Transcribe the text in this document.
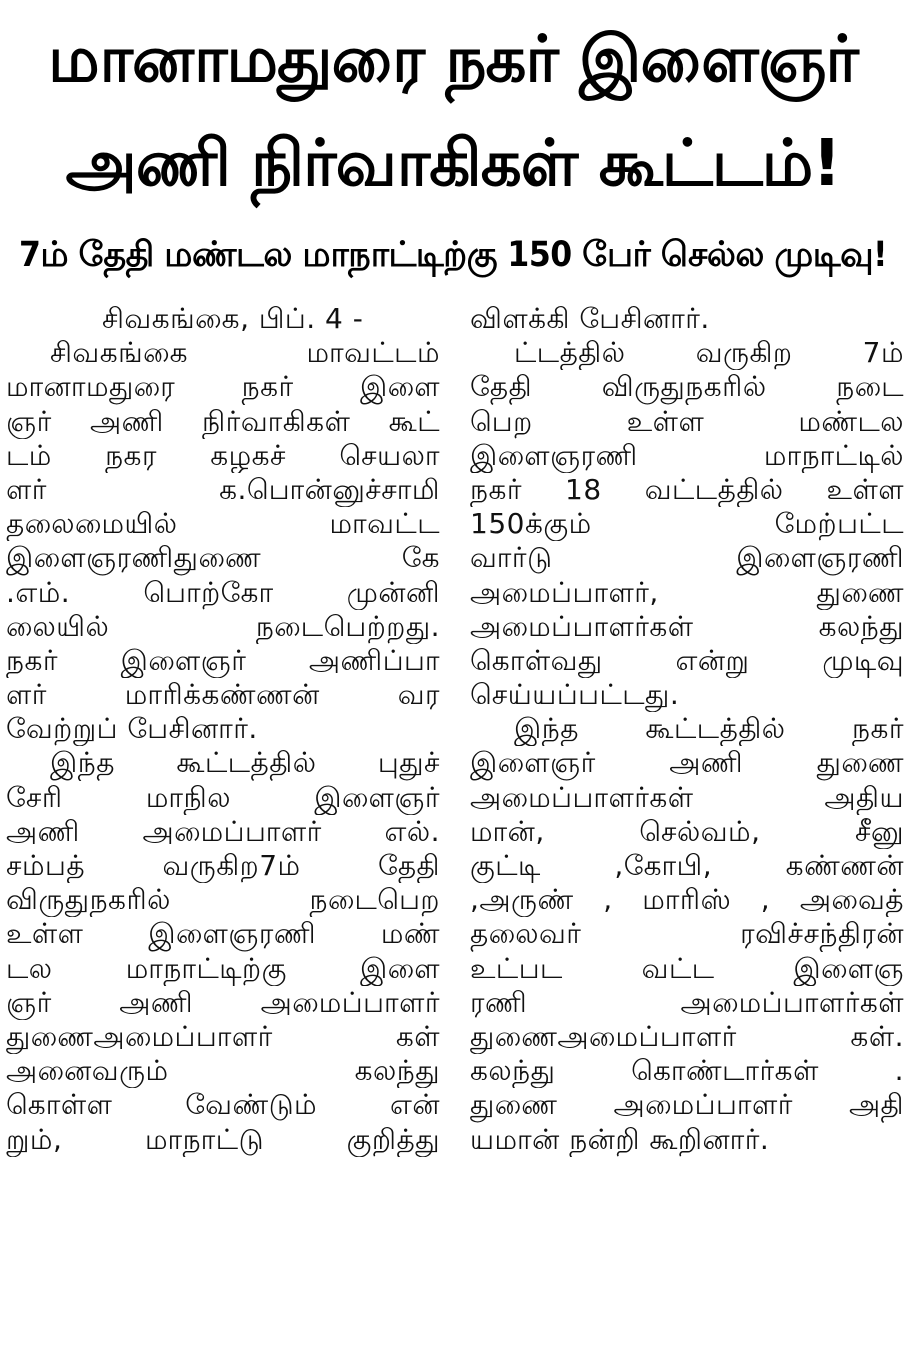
மானாமதுரை நகர் இளைஞர்
அணி நிர்வாகிகள் கூட்டம்!
7ம் தேதி மண்டல மாநாட்டிற்கு 150 பேர் செல்ல முடிவு!
சிவகங்கை, பிப். 4 -
சிவகங்கை மாவட்டம்
மானாமதுரை நகர் இளை
ஞர் அணி நிர்வாகிகள் கூட்
டம் நகர கழகச் செயலா
ளர் க.பொன்னுச்சாமி
தலைமையில் மாவட்ட
இளைஞரணிதுணை கே
.எம். பொற்கோ முன்னி
லையில் நடைபெற்றது.
நகர் இளைஞர் அணிப்பா
ளர் மாரிக்கண்ணன் வர
வேற்றுப் பேசினார்.
இந்த கூட்டத்தில் புதுச்
சேரி மாநில இளைஞர்
அணி அமைப்பாளர் எல்.
சம்பத் வருகிற7ம் தேதி
விருதுநகரில் நடைபெற
உள்ள இளைஞரணி மண்
டல மாநாட்டிற்கு இளை
ஞர் அணி அமைப்பாளர்
துணைஅமைப்பாளர் கள்
அனைவரும் கலந்து
கொள்ள வேண்டும் என்
றும், மாநாட்டு குறித்து
விளக்கி பேசினார்.
ட்டத்தில் வருகிற 7ம்
தேதி விருதுநகரில் நடை
பெற உள்ள மண்டல
இளைஞரணி மாநாட்டில்
நகர் 18 வட்டத்தில் உள்ள
150க்கும் மேற்பட்ட
வார்டு இளைஞரணி
அமைப்பாளர், துணை
அமைப்பாளர்கள் கலந்து
கொள்வது என்று முடிவு
செய்யப்பட்டது.
இந்த கூட்டத்தில் நகர்
இளைஞர் அணி துணை
அமைப்பாளர்கள் அதிய
மான், செல்வம், சீனு
குட்டி ,கோபி, கண்ணன்
,அருண் , மாரிஸ் , அவைத்
தலைவர் ரவிச்சந்திரன்
உட்பட வட்ட இளைஞ
ரணி அமைப்பாளர்கள்
துணைஅமைப்பாளர் கள்.
கலந்து கொண்டார்கள் .
துணை அமைப்பாளர் அதி
யமான் நன்றி கூறினார்.
